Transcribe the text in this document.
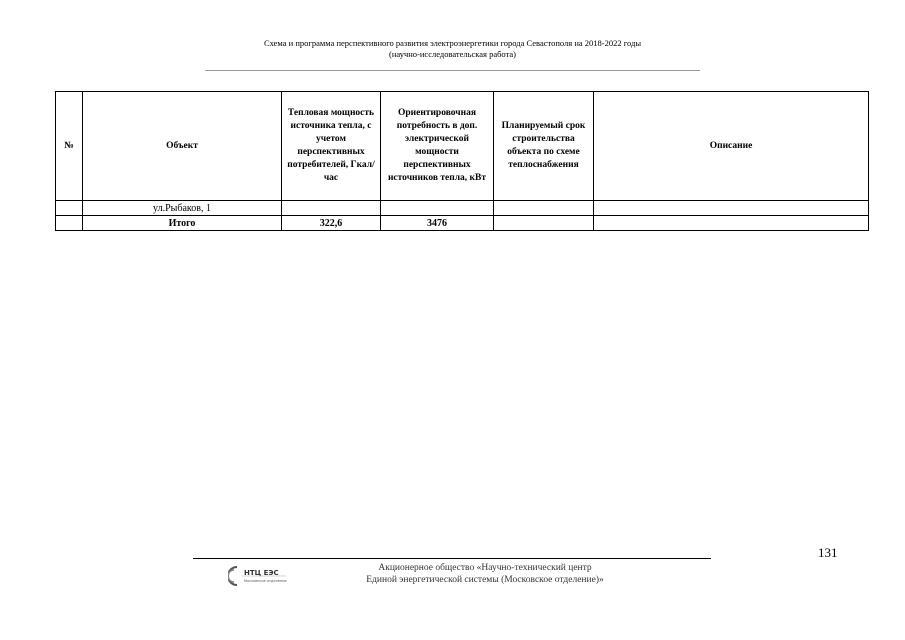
Схема и программа перспективного развития электроэнергетики города Севастополя на 2018-2022 годы
(научно-исследовательская работа)
№	Объект	Тепловая мощность источника тепла, с учетом перспективных потребителей, Гкал/час	Ориентировочная потребность в доп. электрической мощности перспективных источников тепла, кВт	Планируемый срок строительства объекта по схеме теплоснабжения	Описание
	ул.Рыбаков, 1				
	Итого	322,6	3476		
131
НТЦ ЕЭС
Московское отделение
Акционерное общество «Научно-технический центр
Единой энергетической системы (Московское отделение)»
